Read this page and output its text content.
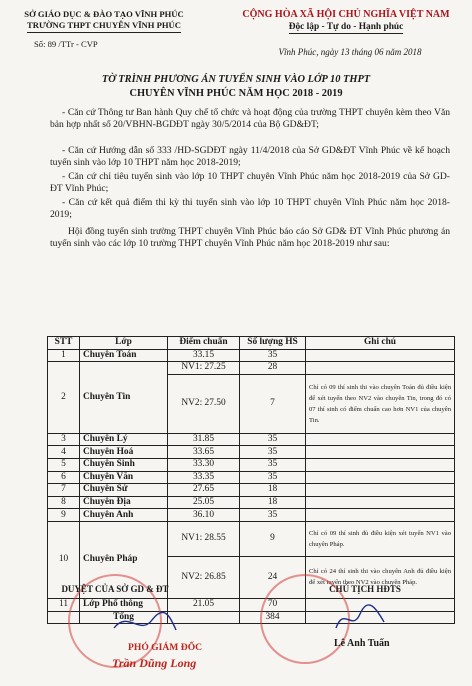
SỞ GIÁO DỤC & ĐÀO TẠO VĨNH PHÚC
TRƯỜNG THPT CHUYÊN VĨNH PHÚC
Số: 89 /TTr - CVP
CỘNG HÒA XÃ HỘI CHỦ NGHĨA VIỆT NAM
Độc lập - Tự do - Hạnh phúc
Vĩnh Phúc, ngày 13 tháng 06 năm 2018
TỜ TRÌNH PHƯƠNG ÁN TUYỂN SINH VÀO LỚP 10 THPT
CHUYÊN VĨNH PHÚC NĂM HỌC 2018 - 2019
- Căn cứ Thông tư Ban hành Quy chế tổ chức và hoạt động của trường THPT chuyên kèm theo Văn bản hợp nhất số 20/VBHN-BGDĐT ngày 30/5/2014 của Bộ GD&ĐT;
- Căn cứ Hướng dẫn số 333 /HD-SGDĐT ngày 11/4/2018 của Sở GD&ĐT Vĩnh Phúc về kế hoạch tuyển sinh vào lớp 10 THPT năm học 2018-2019;
- Căn cứ chỉ tiêu tuyển sinh vào lớp 10 THPT chuyên Vĩnh Phúc năm học 2018-2019 của Sở GD- ĐT Vĩnh Phúc;
- Căn cứ kết quả điểm thi kỳ thi tuyển sinh vào lớp 10 THPT chuyên Vĩnh Phúc năm học 2018-2019;
Hội đồng tuyển sinh trường THPT chuyên Vĩnh Phúc báo cáo Sở GD& ĐT Vĩnh Phúc phương án tuyển sinh vào các lớp 10 trường THPT chuyên Vĩnh Phúc năm học 2018-2019 như sau:
STT	Lớp	Điểm chuẩn	Số lượng HS	Ghi chú
1	Chuyên Toán	33.15	35	
2	Chuyên Tin	NV1: 27.25	28	
		NV2: 27.50	7	Chỉ có 09 thí sinh thi vào chuyên Toán đủ điều kiện để xét tuyển theo NV2 vào chuyên Tin, trong đó có 07 thí sinh có điểm chuẩn cao hơn NV1 của chuyên Tin.
3	Chuyên Lý	31.85	35	
4	Chuyên Hoá	33.65	35	
5	Chuyên Sinh	33.30	35	
6	Chuyên Văn	33.35	35	
7	Chuyên Sử	27.65	18	
8	Chuyên Địa	25.05	18	
9	Chuyên Anh	36.10	35	
10	Chuyên Pháp	NV1: 28.55	9	Chỉ có 09 thí sinh đủ điều kiện xét tuyển NV1 vào chuyên Pháp.
		NV2: 26.85	24	Chỉ có 24 thí sinh thi vào chuyên Anh đủ điều kiện để xét tuyển theo NV2 vào chuyên Pháp.
11	Lớp Phổ thông	21.05	70	
	Tổng		384	
DUYỆT CỦA SỞ GD & ĐT
PHÓ GIÁM ĐỐC
Trần Dũng Long
CHỦ TỊCH HĐTS
Lê Anh Tuấn
